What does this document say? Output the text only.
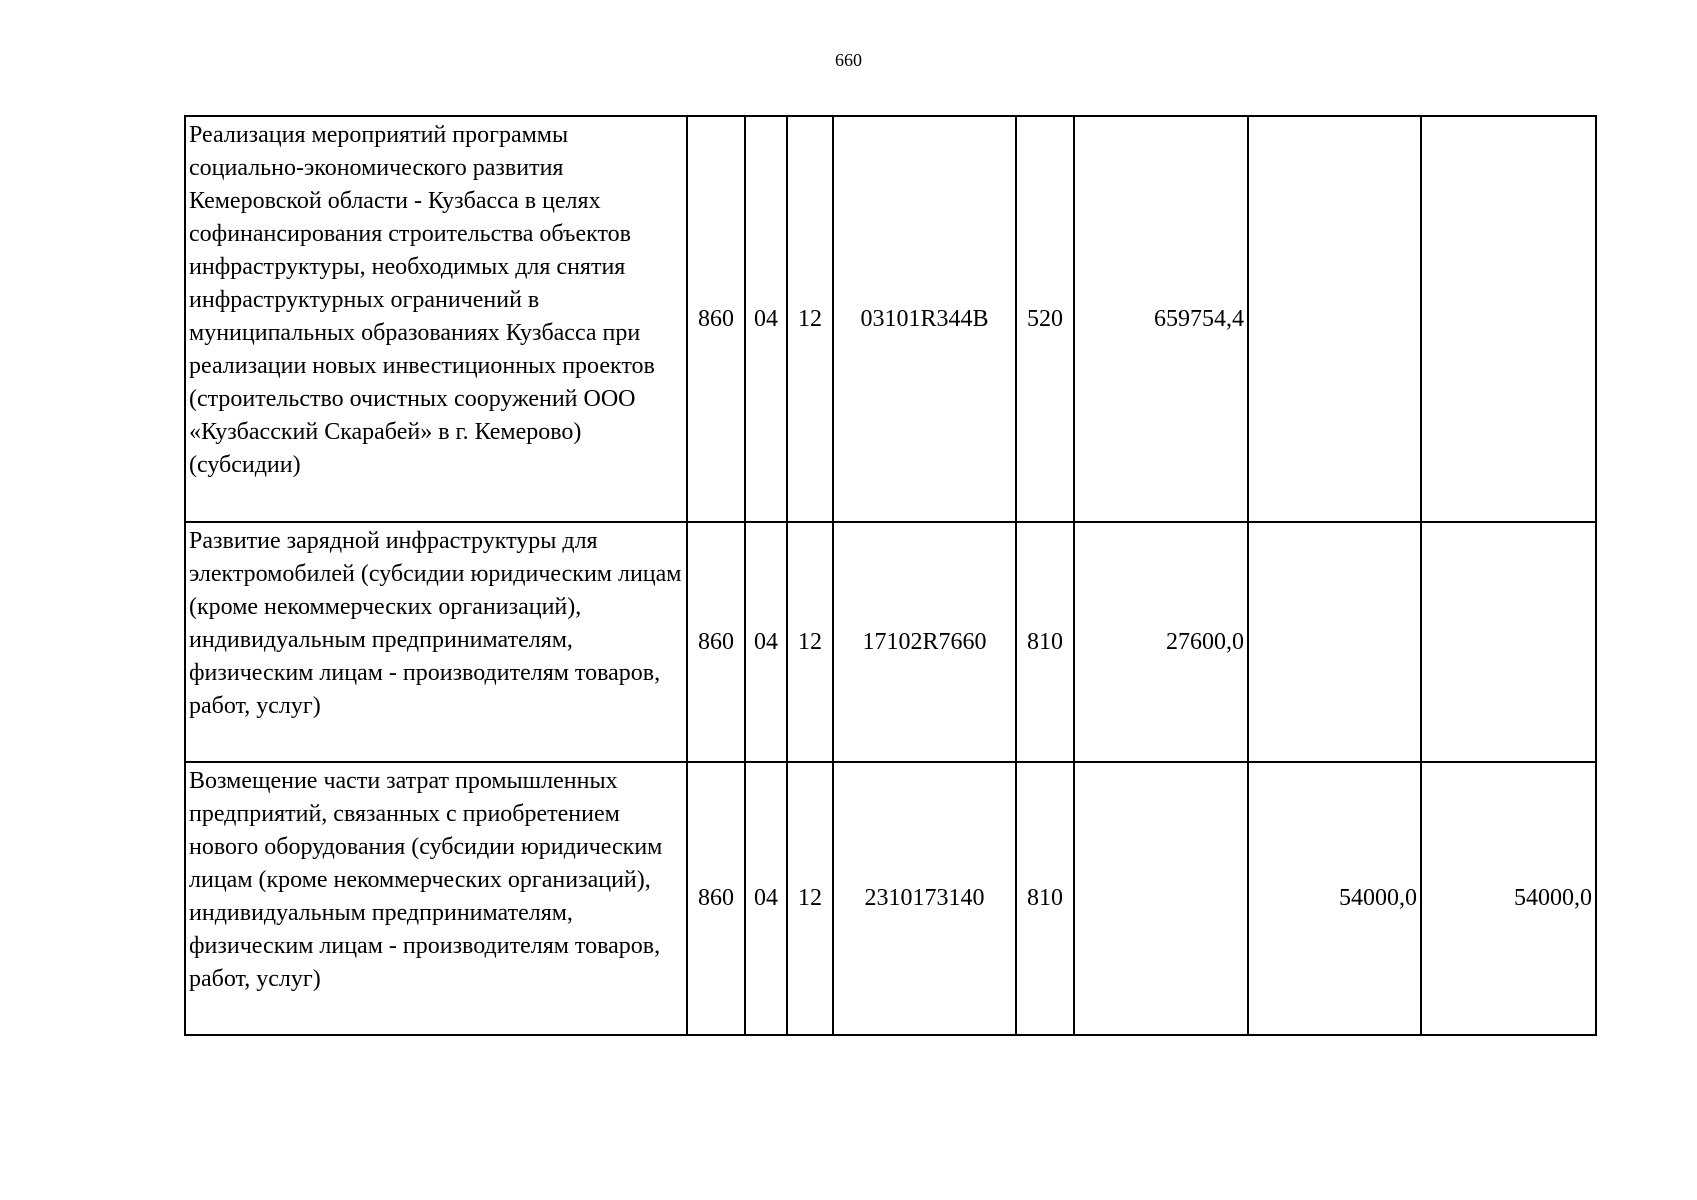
660
Реализация мероприятий программы социально-экономического развития Кемеровской области - Кузбасса в целях софинансирования строительства объектов инфраструктуры, необходимых для снятия инфраструктурных ограничений в муниципальных образованиях Кузбасса при реализации новых инвестиционных проектов (строительство очистных сооружений ООО «Кузбасский Скарабей» в г. Кемерово) (субсидии)	860	04	12	03101R344B	520	659754,4		
Развитие зарядной инфраструктуры для электромобилей (субсидии юридическим лицам (кроме некоммерческих организаций), индивидуальным предпринимателям, физическим лицам - производителям товаров, работ, услуг)	860	04	12	17102R7660	810	27600,0		
Возмещение части затрат промышленных предприятий, связанных с приобретением нового оборудования (субсидии юридическим лицам (кроме некоммерческих организаций), индивидуальным предпринимателям, физическим лицам - производителям товаров, работ, услуг)	860	04	12	2310173140	810		54000,0	54000,0
